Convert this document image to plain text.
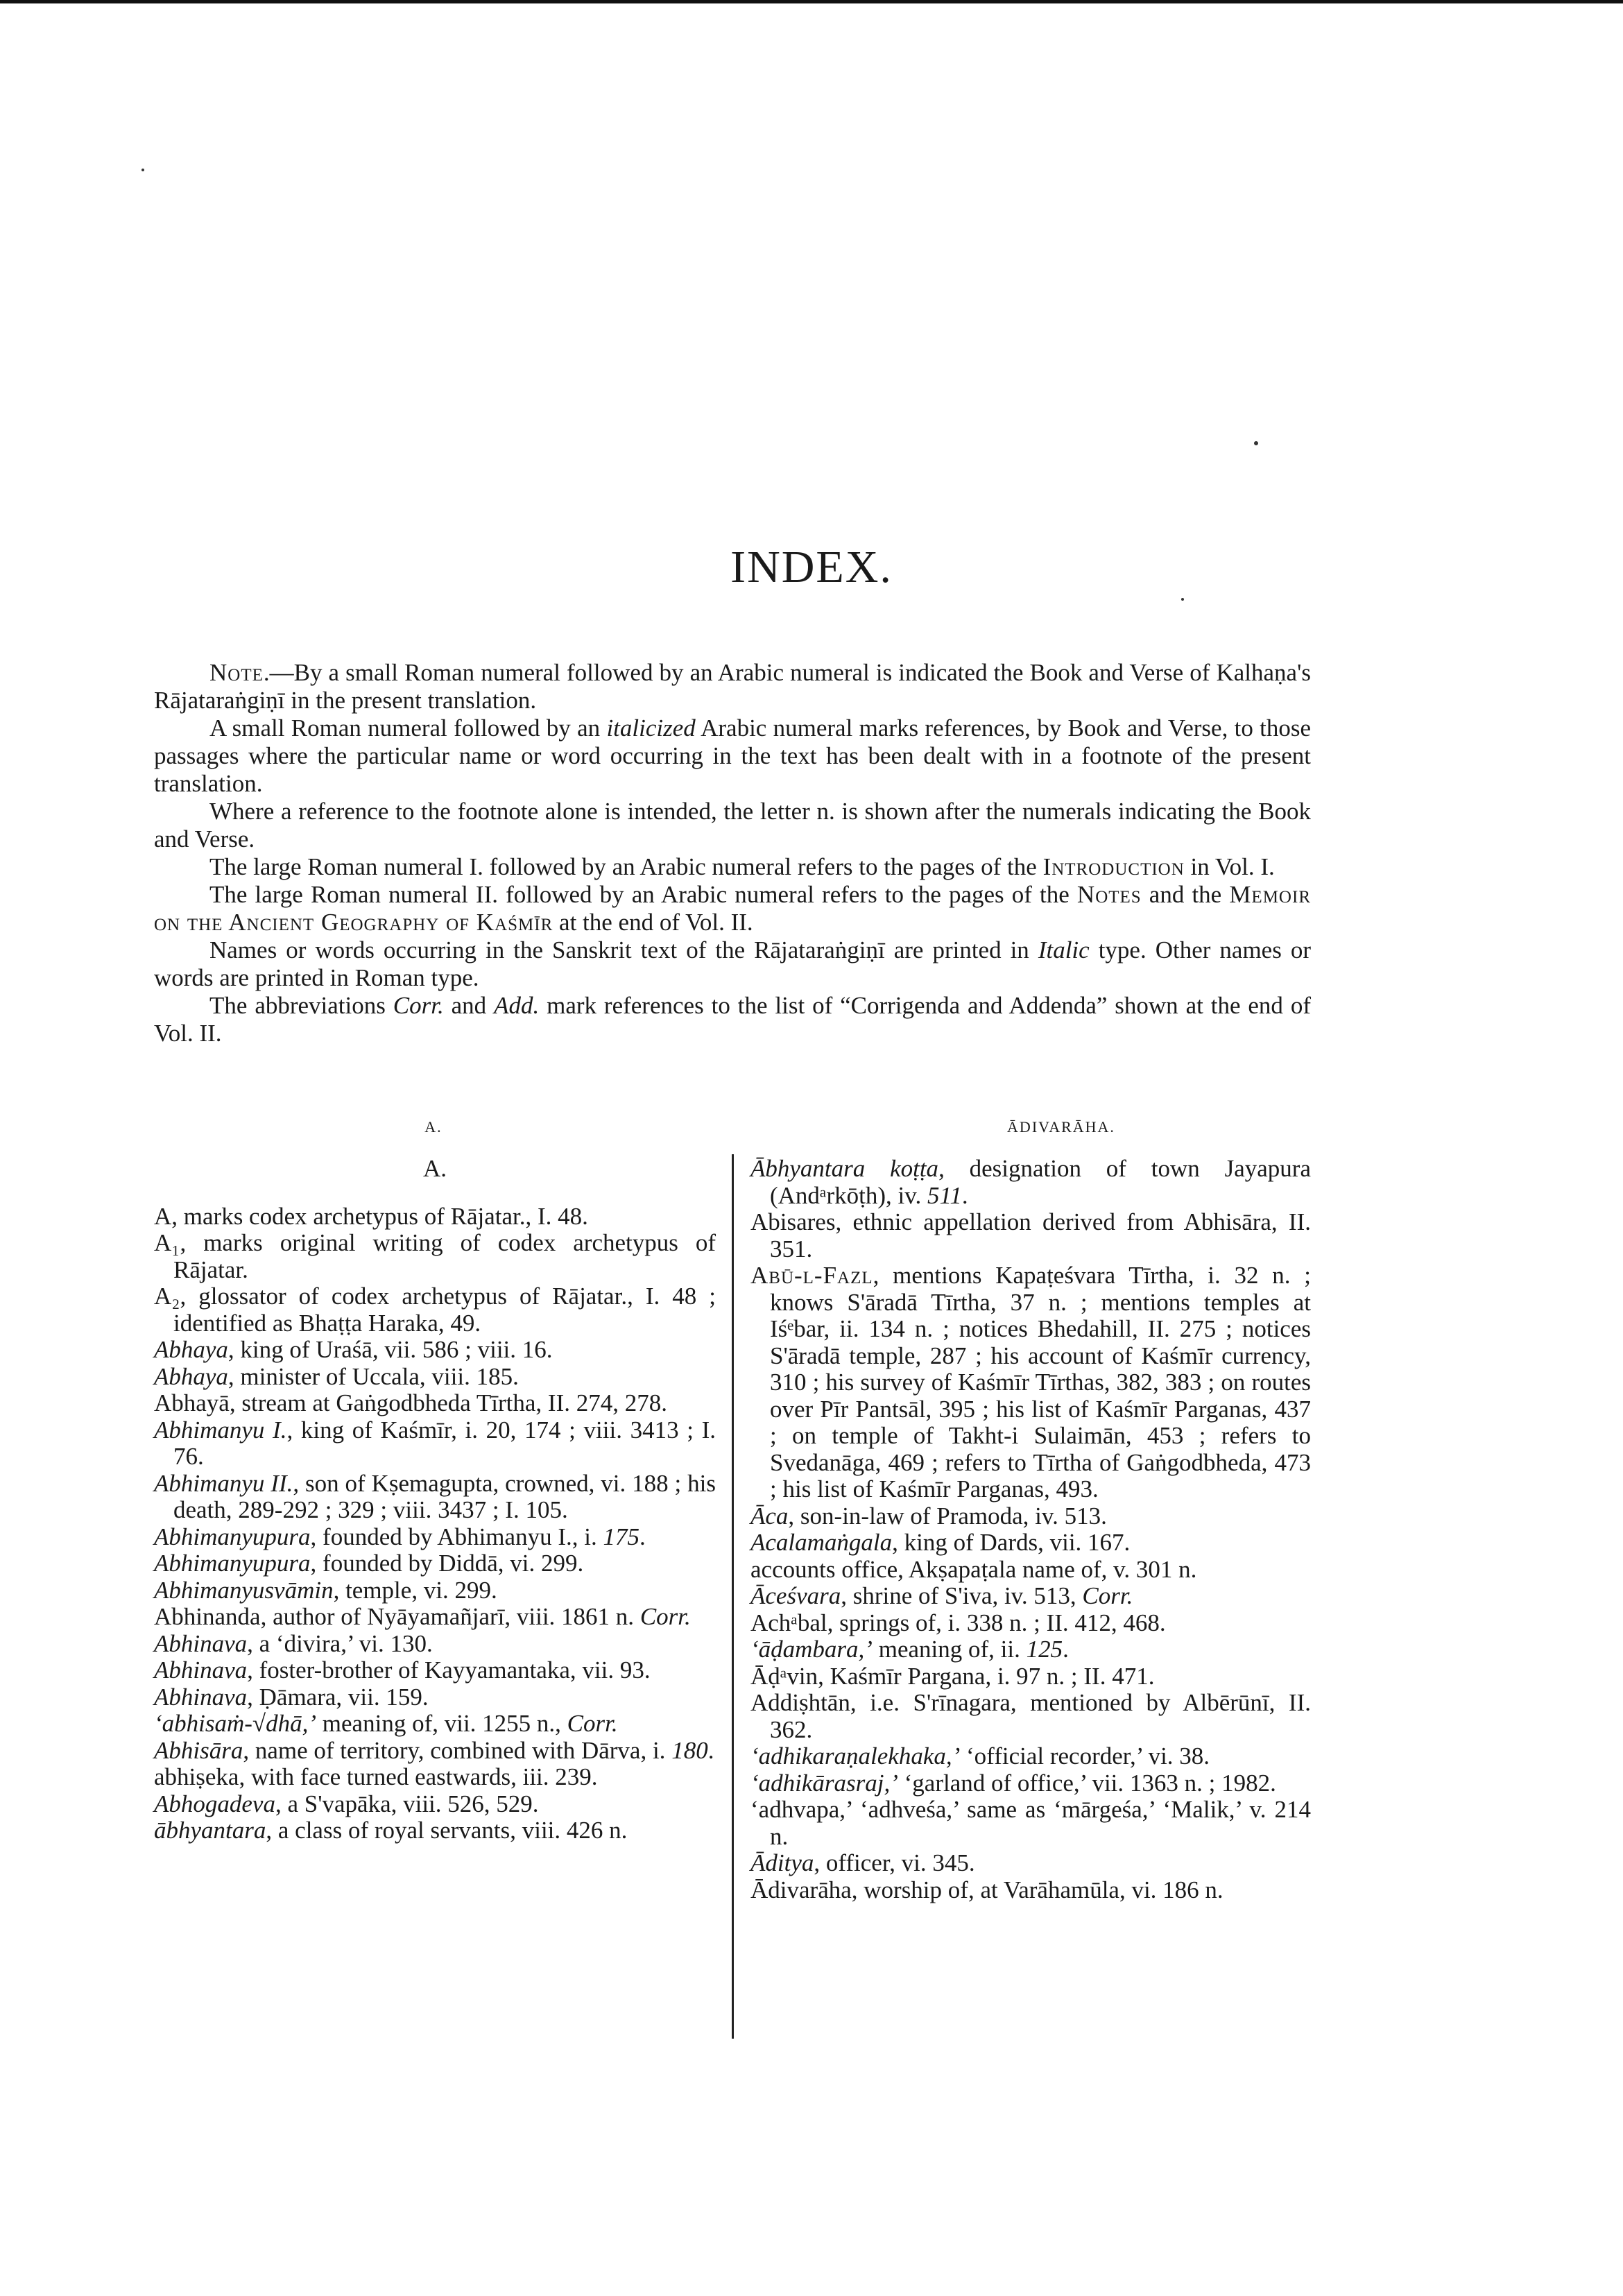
INDEX.

Note.—By a small Roman numeral followed by an Arabic numeral is indicated the Book and Verse of Kalhaṇa's Rājataraṅgiṇī in the present translation.

A small Roman numeral followed by an italicized Arabic numeral marks references, by Book and Verse, to those passages where the particular name or word occurring in the text has been dealt with in a footnote of the present translation.

Where a reference to the footnote alone is intended, the letter n. is shown after the numerals indicating the Book and Verse.

The large Roman numeral I. followed by an Arabic numeral refers to the pages of the Introduction in Vol. I.

The large Roman numeral II. followed by an Arabic numeral refers to the pages of the Notes and the Memoir on the Ancient Geography of Kaśmīr at the end of Vol. II.

Names or words occurring in the Sanskrit text of the Rājataraṅgiṇī are printed in Italic type. Other names or words are printed in Roman type.

The abbreviations Corr. and Add. mark references to the list of “Corrigenda and Addenda” shown at the end of Vol. II.

A.	ĀDIVARĀHA.
A.
A, marks codex archetypus of Rājatar., I. 48.
A₁, marks original writing of codex archetypus of Rājatar.
A₂, glossator of codex archetypus of Rājatar., I. 48 ; identified as Bhaṭṭa Haraka, 49.
Abhaya, king of Uraśā, vii. 586 ; viii. 16.
Abhaya, minister of Uccala, viii. 185.
Abhayā, stream at Gaṅgodbheda Tīrtha, II. 274, 278.
Abhimanyu I., king of Kaśmīr, i. 20, 174 ; viii. 3413 ; I. 76.
Abhimanyu II., son of Kṣemagupta, crowned, vi. 188 ; his death, 289-292 ; 329 ; viii. 3437 ; I. 105.
Abhimanyupura, founded by Abhimanyu I., i. 175.
Abhimanyupura, founded by Diddā, vi. 299.
Abhimanyusvāmin, temple, vi. 299.
Abhinanda, author of Nyāyamañjarī, viii. 1861 n. Corr.
Abhinava, a ‘divira,’ vi. 130.
Abhinava, foster-brother of Kayyamantaka, vii. 93.
Abhinava, Ḍāmara, vii. 159.
‘abhisaṁ-√dhā,’ meaning of, vii. 1255 n., Corr.
Abhisāra, name of territory, combined with Dārva, i. 180.
abhiṣeka, with face turned eastwards, iii. 239.
Abhogadeva, a S'vapāka, viii. 526, 529.
ābhyantara, a class of royal servants, viii. 426 n.
Ābhyantara koṭṭa, designation of town Jayapura (Andᵃrkōṭh), iv. 511.
Abisares, ethnic appellation derived from Abhisāra, II. 351.
Abū-l-Fazl, mentions Kapaṭeśvara Tīrtha, i. 32 n. ; knows S'āradā Tīrtha, 37 n. ; mentions temples at Iśᵉbar, ii. 134 n. ; notices Bhedahill, II. 275 ; notices S'āradā temple, 287 ; his account of Kaśmīr currency, 310 ; his survey of Kaśmīr Tīrthas, 382, 383 ; on routes over Pīr Pantsāl, 395 ; his list of Kaśmīr Parganas, 437 ; on temple of Takht-i Sulaimān, 453 ; refers to Svedanāga, 469 ; refers to Tīrtha of Gaṅgodbheda, 473 ; his list of Kaśmīr Parganas, 493.
Āca, son-in-law of Pramoda, iv. 513.
Acalamaṅgala, king of Dards, vii. 167.
accounts office, Akṣapaṭala name of, v. 301 n.
Āceśvara, shrine of S'iva, iv. 513, Corr.
Achᵃbal, springs of, i. 338 n. ; II. 412, 468.
‘āḍambara,’ meaning of, ii. 125.
Āḍᵃvin, Kaśmīr Pargana, i. 97 n. ; II. 471.
Addiṣhtān, i.e. S'rīnagara, mentioned by Albērūnī, II. 362.
‘adhikaraṇalekhaka,’ ‘official recorder,’ vi. 38.
‘adhikārasraj,’ ‘garland of office,’ vii. 1363 n. ; 1982.
‘adhvapa,’ ‘adhveśa,’ same as ‘mārgeśa,’ ‘Malik,’ v. 214 n.
Āditya, officer, vi. 345.
Ādivarāha, worship of, at Varāhamūla, vi. 186 n.
